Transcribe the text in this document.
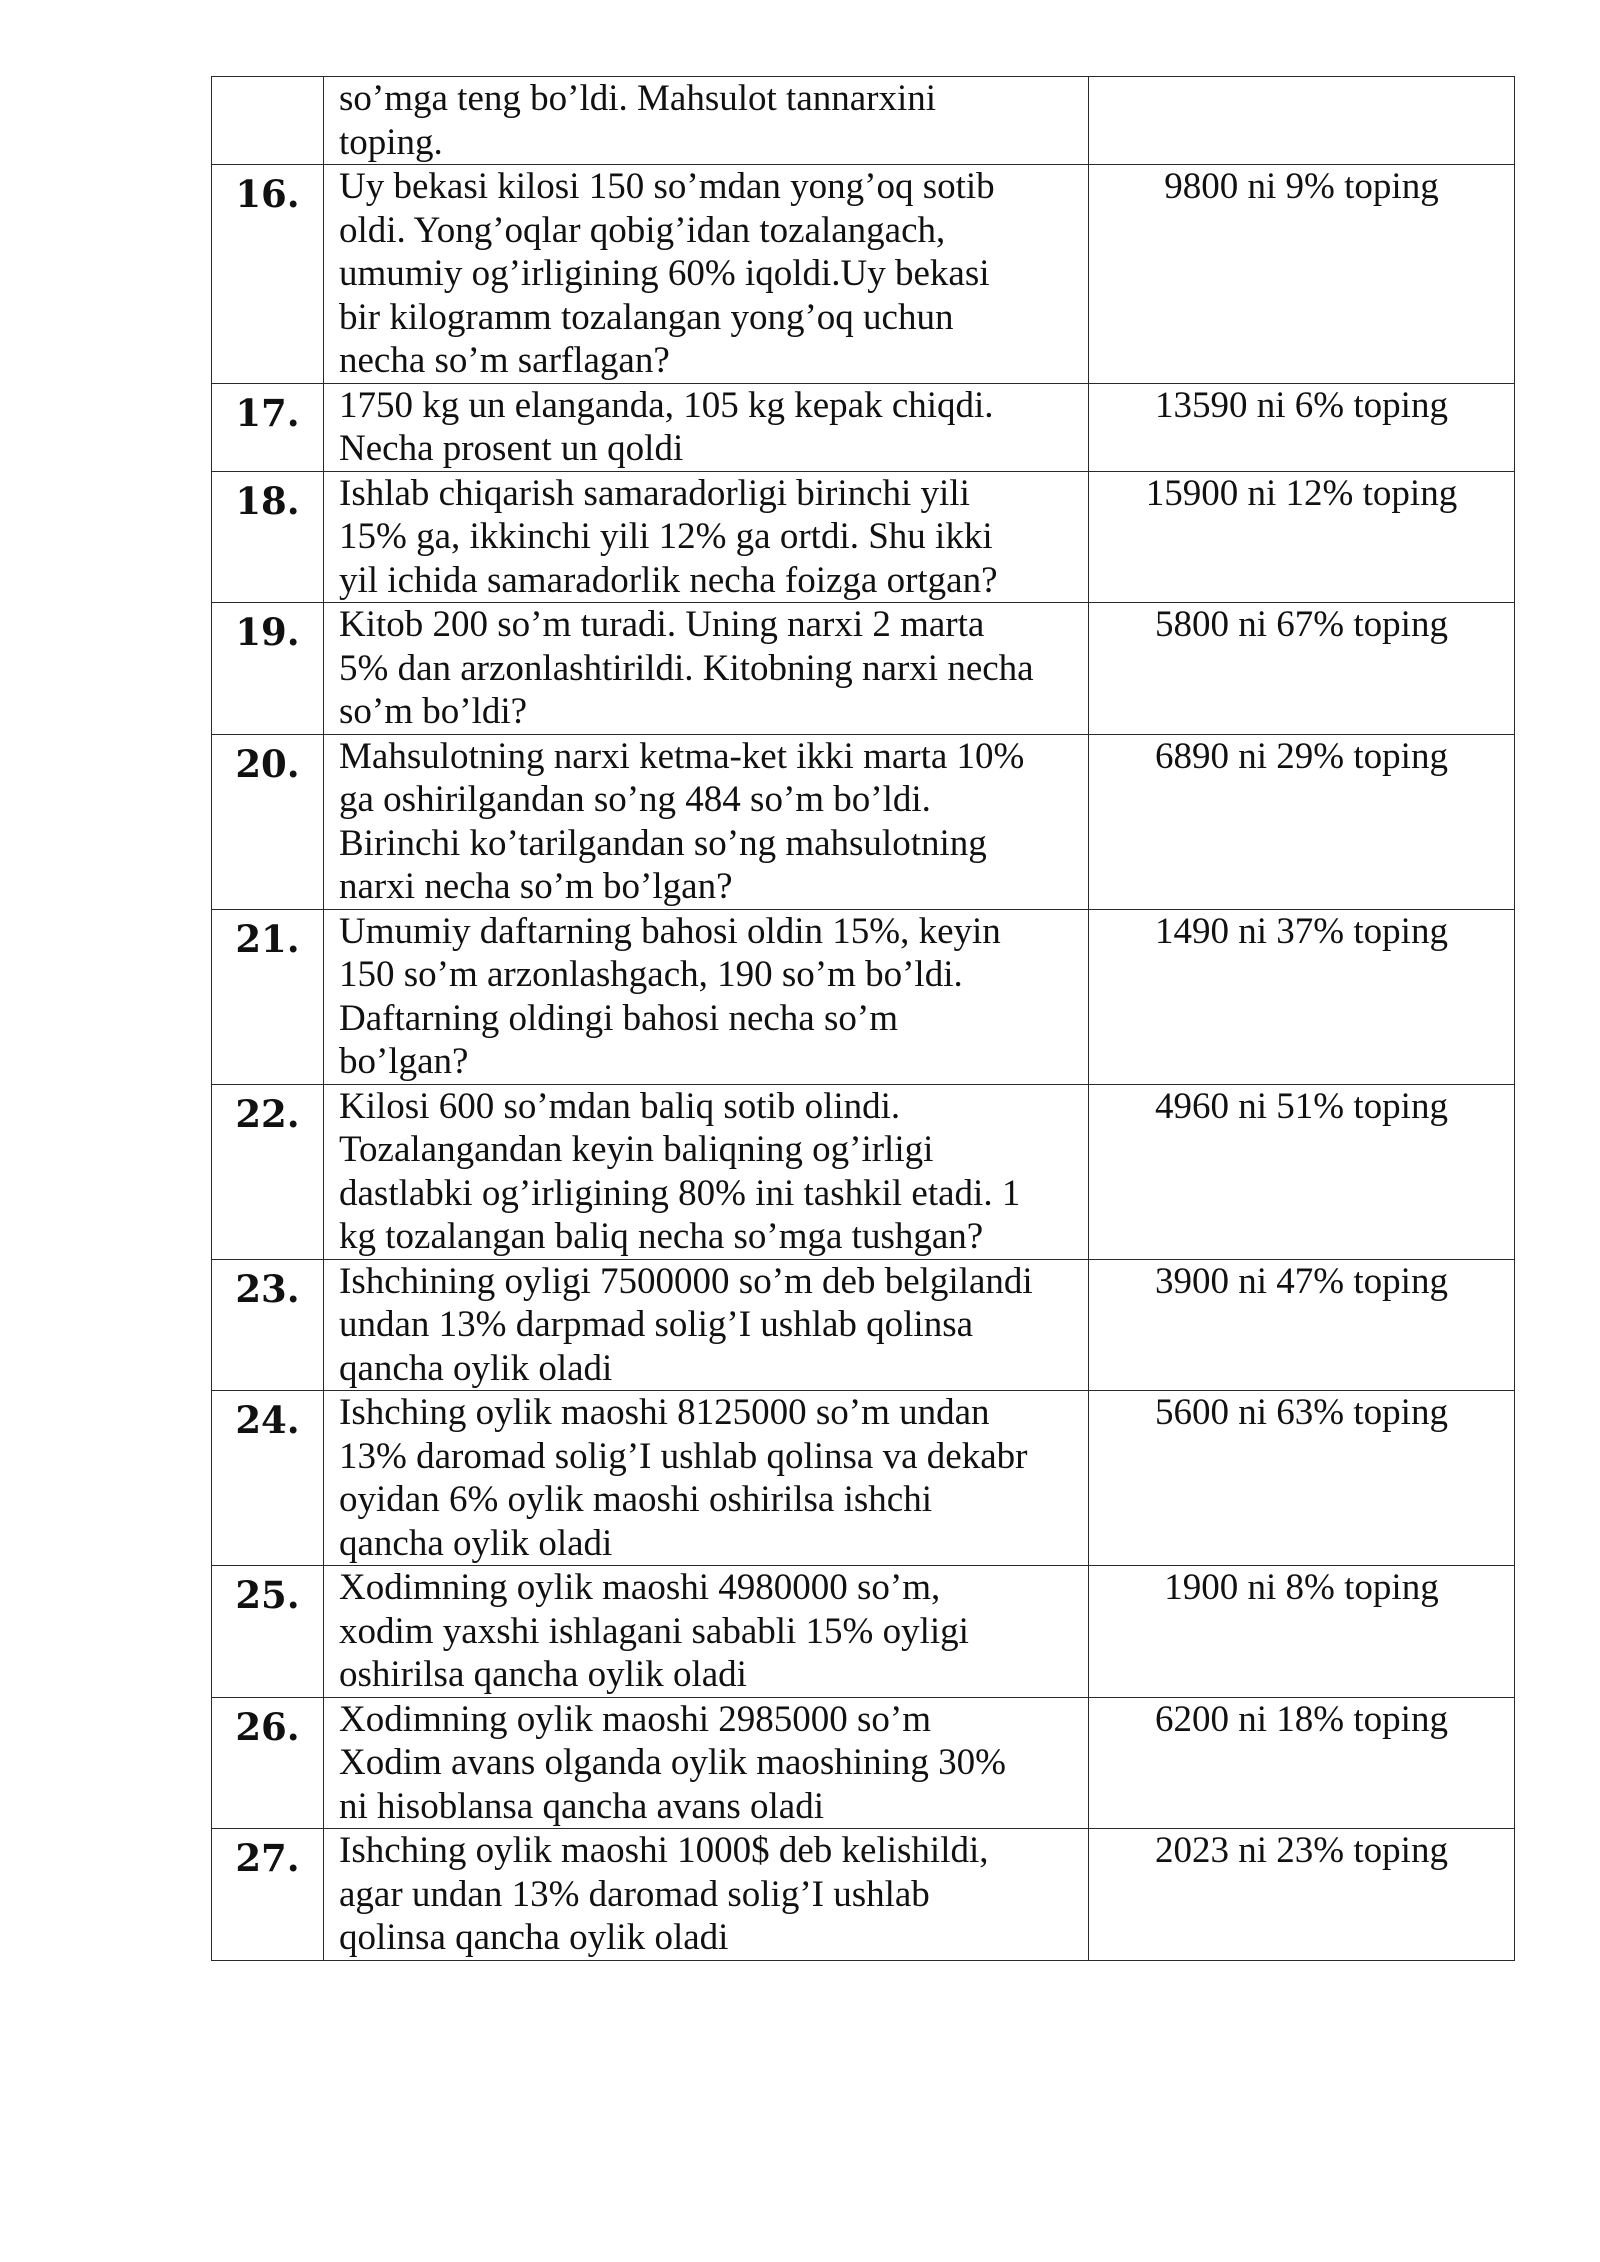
	so’mga teng bo’ldi. Mahsulot tannarxini
toping.	
16.	Uy bekasi kilosi 150 so’mdan yong’oq sotib
oldi. Yong’oqlar qobig’idan tozalangach,
umumiy og’irligining 60% iqoldi.Uy bekasi
bir kilogramm tozalangan yong’oq uchun
necha so’m sarflagan?	9800 ni 9% toping
17.	1750 kg un elanganda, 105 kg kepak chiqdi.
Necha prosent un qoldi	13590 ni 6% toping
18.	Ishlab chiqarish samaradorligi birinchi yili
15% ga, ikkinchi yili 12% ga ortdi. Shu ikki
yil ichida samaradorlik necha foizga ortgan?	15900 ni 12% toping
19.	Kitob 200 so’m turadi. Uning narxi 2 marta
5% dan arzonlashtirildi. Kitobning narxi necha
so’m bo’ldi?	5800 ni 67% toping
20.	Mahsulotning narxi ketma-ket ikki marta 10%
ga oshirilgandan so’ng 484 so’m bo’ldi.
Birinchi ko’tarilgandan so’ng mahsulotning
narxi necha so’m bo’lgan?	6890 ni 29% toping
21.	Umumiy daftarning bahosi oldin 15%, keyin
150 so’m arzonlashgach, 190 so’m bo’ldi.
Daftarning oldingi bahosi necha so’m
bo’lgan?	1490 ni 37% toping
22.	Kilosi 600 so’mdan baliq sotib olindi.
Tozalangandan keyin baliqning og’irligi
dastlabki og’irligining 80% ini tashkil etadi. 1
kg tozalangan baliq necha so’mga tushgan?	4960 ni 51% toping
23.	Ishchining oyligi 7500000 so’m deb belgilandi
undan 13% darpmad solig’I ushlab qolinsa
qancha oylik oladi	3900 ni 47% toping
24.	Ishching oylik maoshi 8125000 so’m undan
13% daromad solig’I ushlab qolinsa va dekabr
oyidan 6% oylik maoshi oshirilsa ishchi
qancha oylik oladi	5600 ni 63% toping
25.	Xodimning oylik maoshi 4980000 so’m,
xodim yaxshi ishlagani sababli 15% oyligi
oshirilsa qancha oylik oladi	1900 ni 8% toping
26.	Xodimning oylik maoshi 2985000 so’m
Xodim avans olganda oylik maoshining 30%
ni hisoblansa qancha avans oladi	6200 ni 18% toping
27.	Ishching oylik maoshi 1000$ deb kelishildi,
agar undan 13% daromad solig’I ushlab
qolinsa qancha oylik oladi	2023 ni 23% toping
